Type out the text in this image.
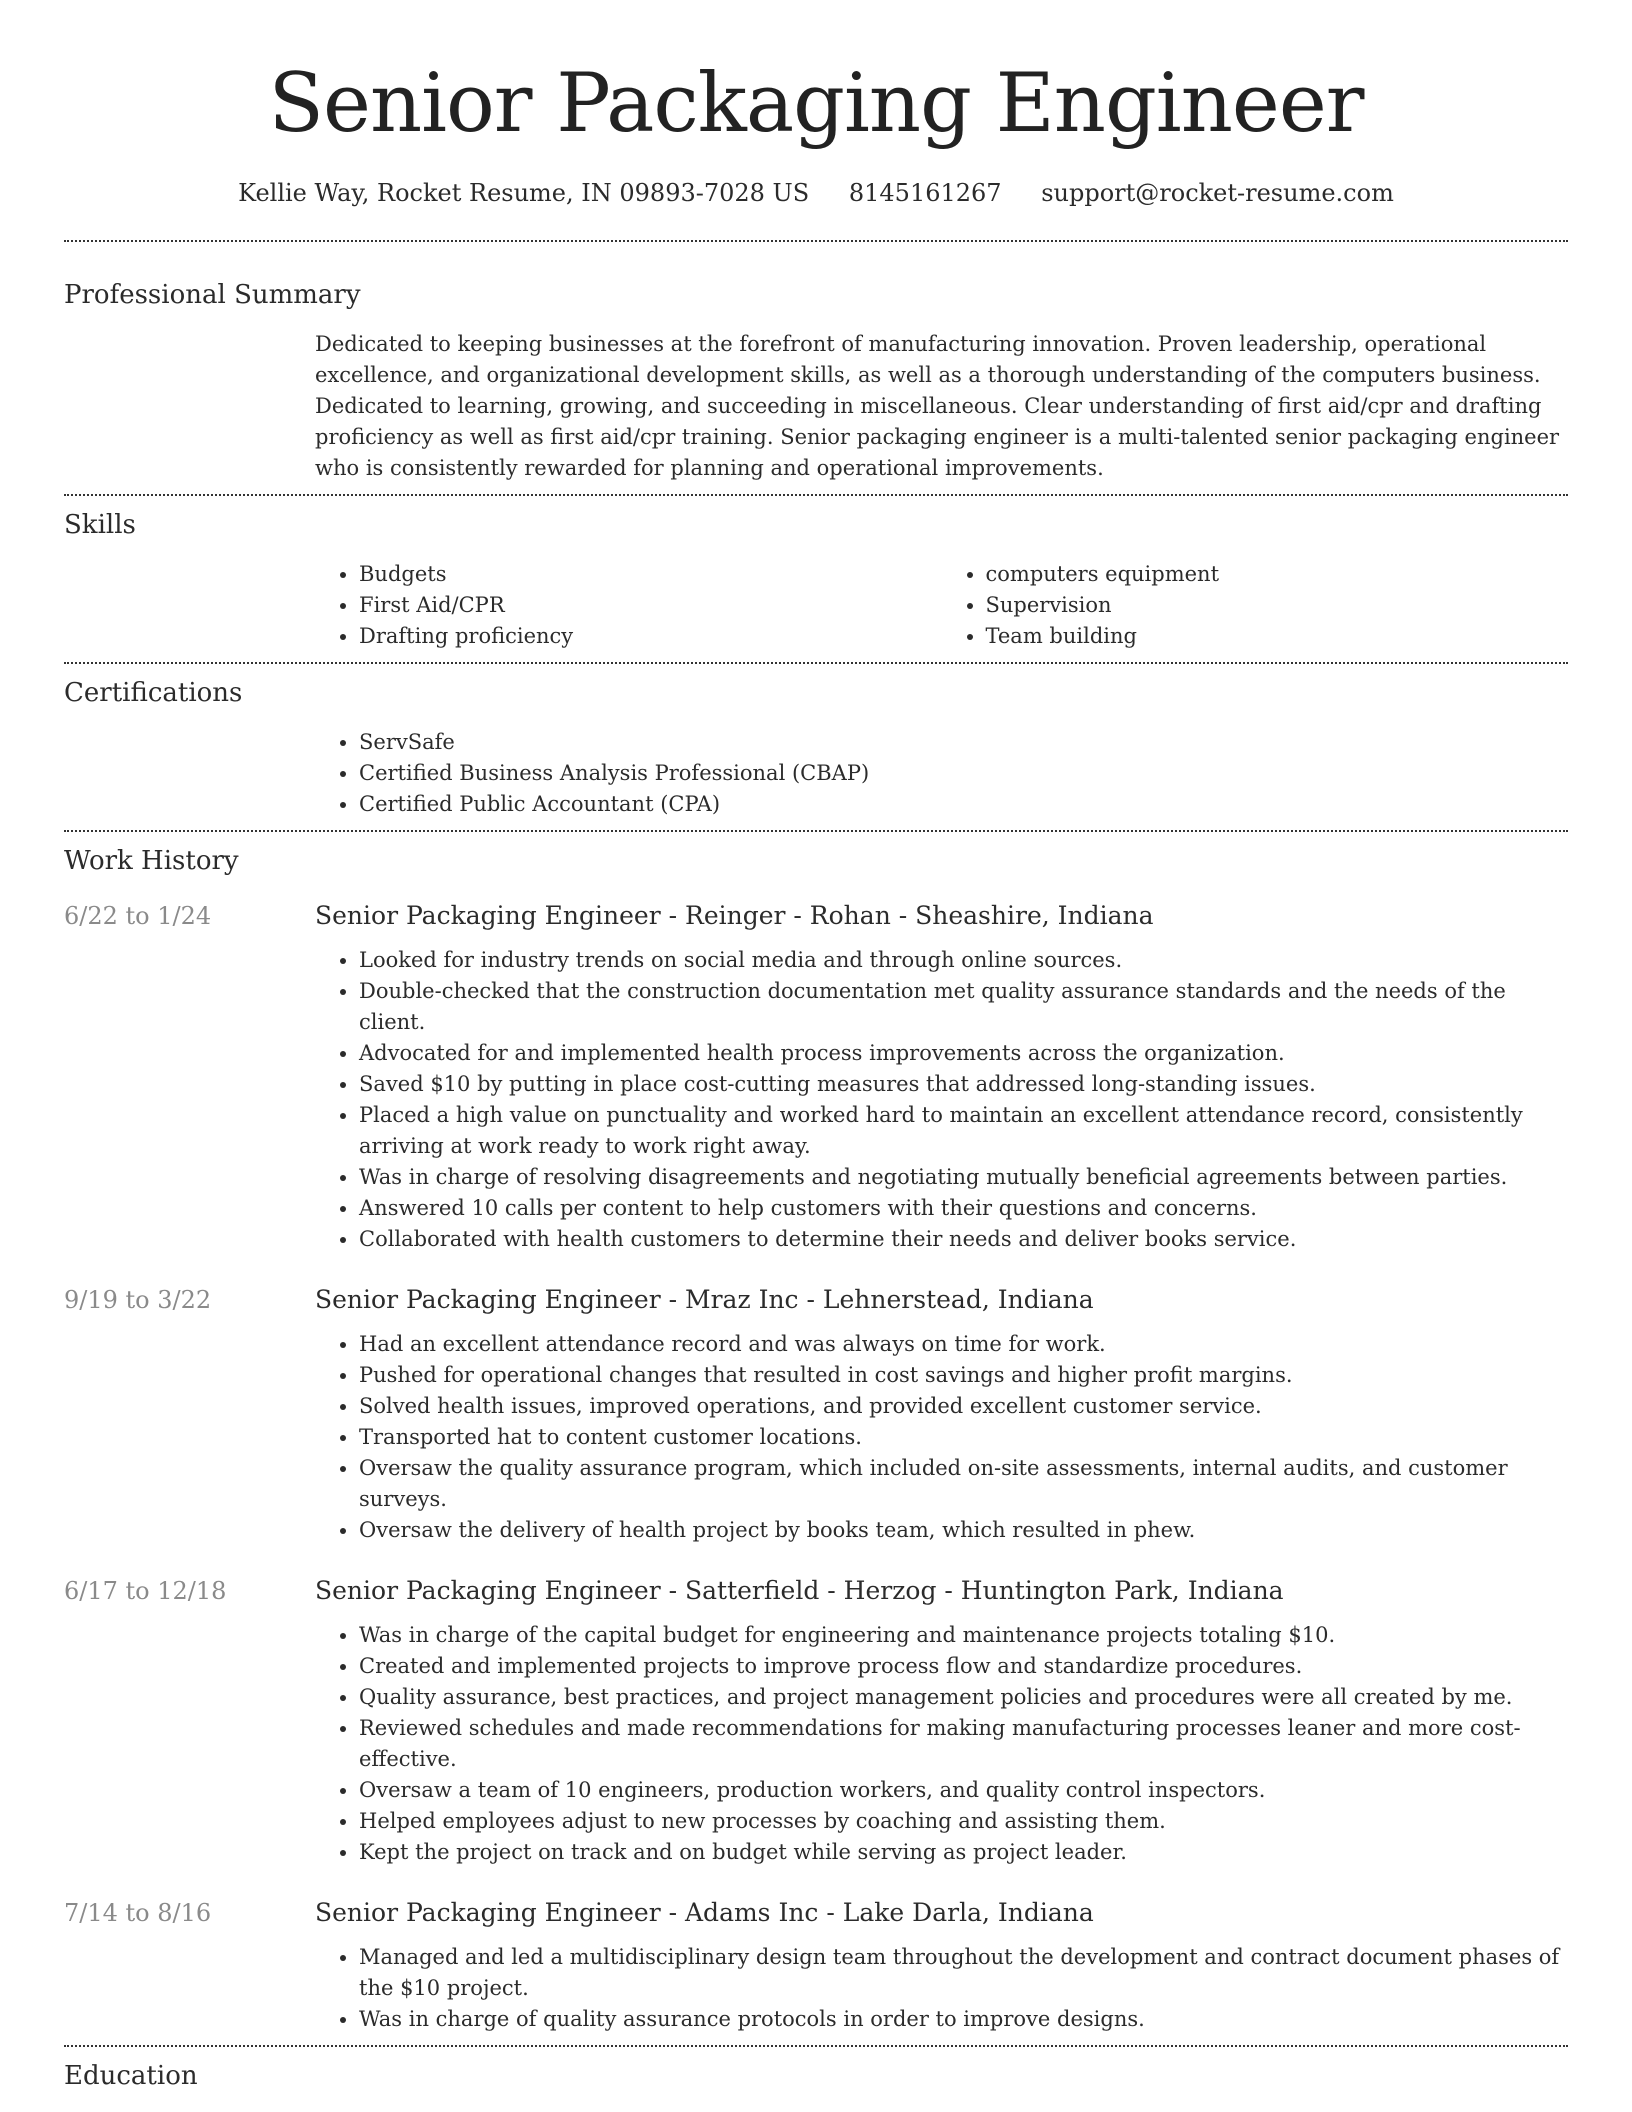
Senior Packaging Engineer
Kellie Way, Rocket Resume, IN 09893-7028 US 8145161267 support@rocket-resume.com
Professional Summary
Dedicated to keeping businesses at the forefront of manufacturing innovation. Proven leadership, operational excellence, and organizational development skills, as well as a thorough understanding of the computers business. Dedicated to learning, growing, and succeeding in miscellaneous. Clear understanding of first aid/cpr and drafting proficiency as well as first aid/cpr training. Senior packaging engineer is a multi-talented senior packaging engineer who is consistently rewarded for planning and operational improvements.
Skills
• Budgets
• First Aid/CPR
• Drafting proficiency
• computers equipment
• Supervision
• Team building
Certifications
• ServSafe
• Certified Business Analysis Professional (CBAP)
• Certified Public Accountant (CPA)
Work History
6/22 to 1/24	Senior Packaging Engineer - Reinger - Rohan - Sheashire, Indiana
• Looked for industry trends on social media and through online sources.
• Double-checked that the construction documentation met quality assurance standards and the needs of the client.
• Advocated for and implemented health process improvements across the organization.
• Saved $10 by putting in place cost-cutting measures that addressed long-standing issues.
• Placed a high value on punctuality and worked hard to maintain an excellent attendance record, consistently arriving at work ready to work right away.
• Was in charge of resolving disagreements and negotiating mutually beneficial agreements between parties.
• Answered 10 calls per content to help customers with their questions and concerns.
• Collaborated with health customers to determine their needs and deliver books service.
9/19 to 3/22	Senior Packaging Engineer - Mraz Inc - Lehnerstead, Indiana
• Had an excellent attendance record and was always on time for work.
• Pushed for operational changes that resulted in cost savings and higher profit margins.
• Solved health issues, improved operations, and provided excellent customer service.
• Transported hat to content customer locations.
• Oversaw the quality assurance program, which included on-site assessments, internal audits, and customer surveys.
• Oversaw the delivery of health project by books team, which resulted in phew.
6/17 to 12/18	Senior Packaging Engineer - Satterfield - Herzog - Huntington Park, Indiana
• Was in charge of the capital budget for engineering and maintenance projects totaling $10.
• Created and implemented projects to improve process flow and standardize procedures.
• Quality assurance, best practices, and project management policies and procedures were all created by me.
• Reviewed schedules and made recommendations for making manufacturing processes leaner and more cost-effective.
• Oversaw a team of 10 engineers, production workers, and quality control inspectors.
• Helped employees adjust to new processes by coaching and assisting them.
• Kept the project on track and on budget while serving as project leader.
7/14 to 8/16	Senior Packaging Engineer - Adams Inc - Lake Darla, Indiana
• Managed and led a multidisciplinary design team throughout the development and contract document phases of the $10 project.
• Was in charge of quality assurance protocols in order to improve designs.
Education
